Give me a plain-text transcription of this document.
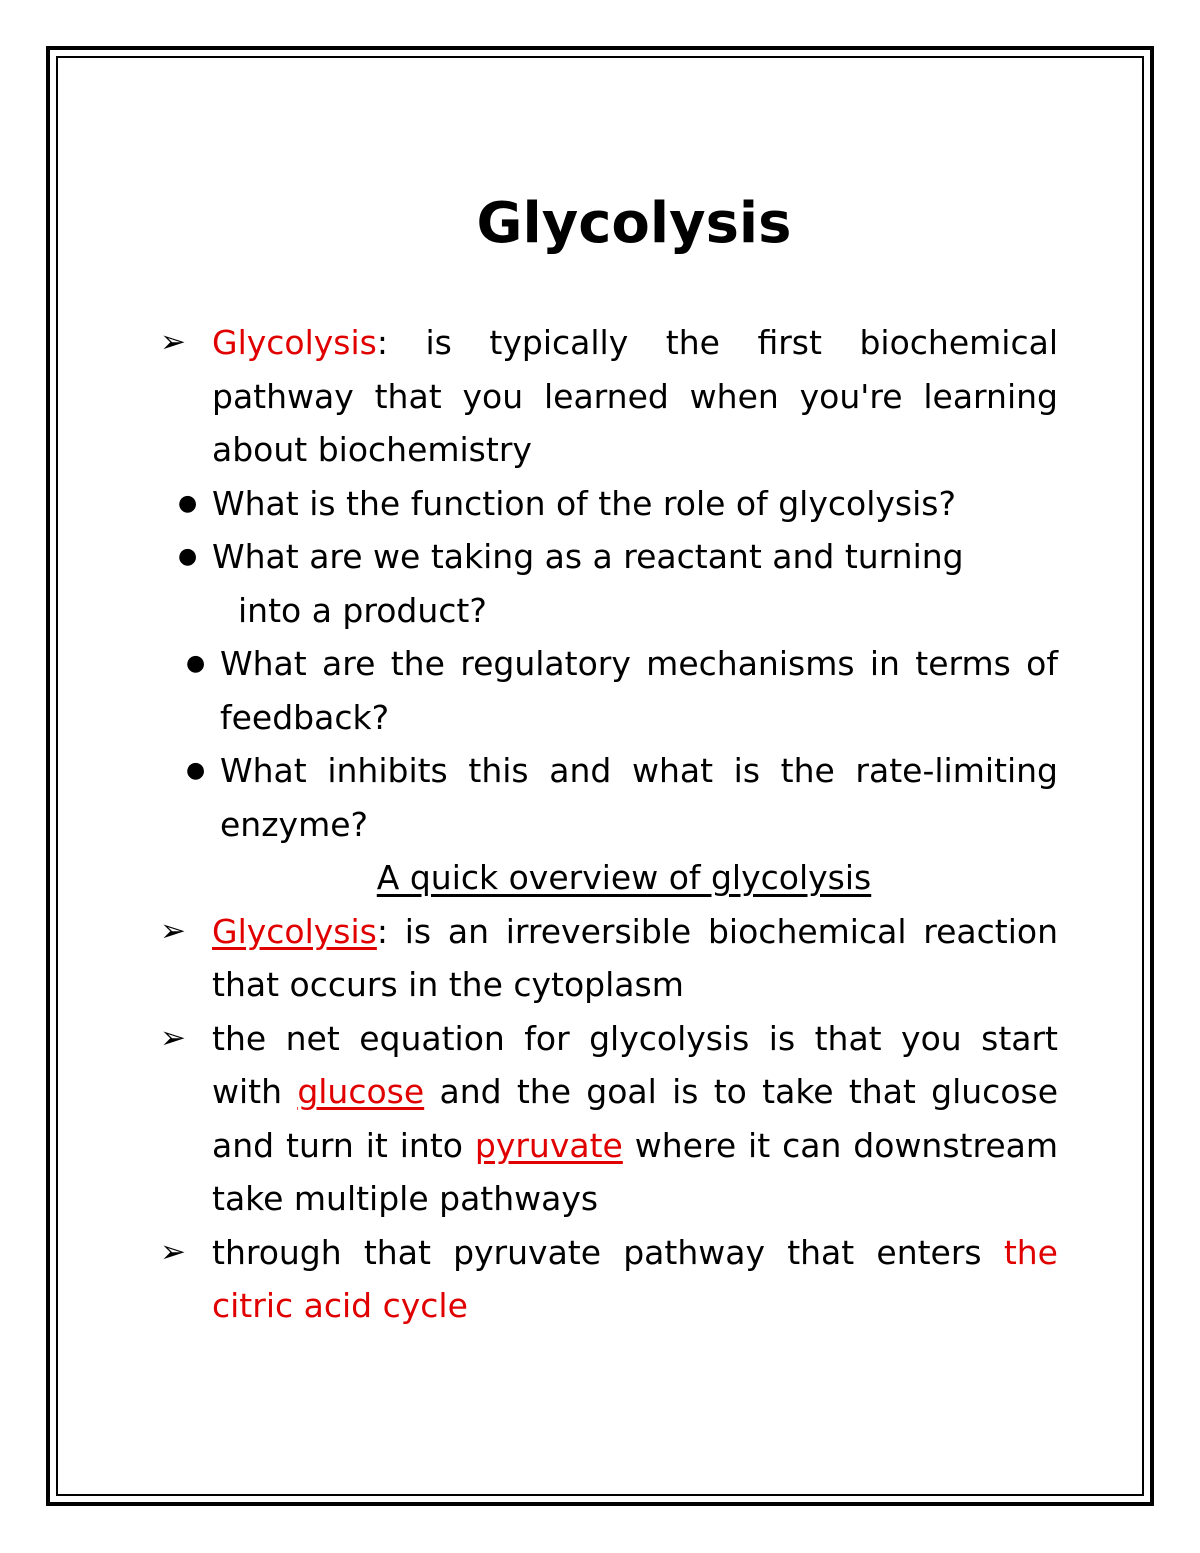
Glycolysis
➢ Glycolysis: is typically the first biochemical pathway that you learned when you're learning about biochemistry
● What is the function of the role of glycolysis?
● What are we taking as a reactant and turning
into a product?
● What are the regulatory mechanisms in terms of feedback?
● What inhibits this and what is the rate-limiting enzyme?
A quick overview of glycolysis
➢ Glycolysis: is an irreversible biochemical reaction that occurs in the cytoplasm
➢ the net equation for glycolysis is that you start with glucose and the goal is to take that glucose and turn it into pyruvate where it can downstream take multiple pathways
➢ through that pyruvate pathway that enters the citric acid cycle
